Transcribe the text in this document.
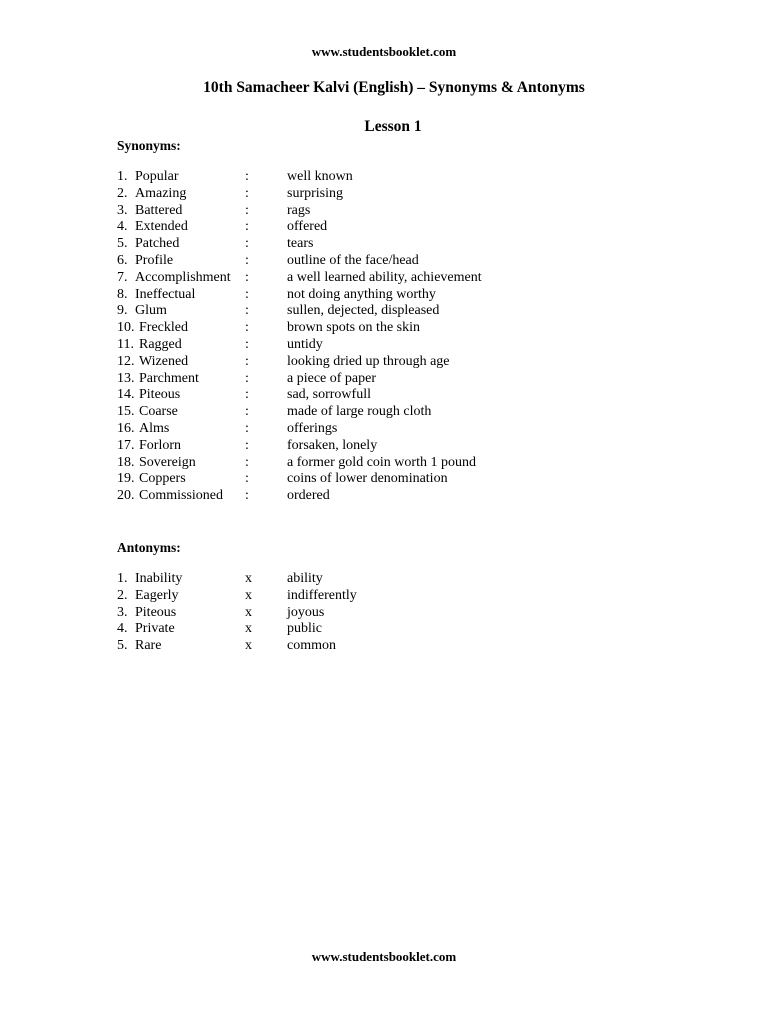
www.studentsbooklet.com
10th Samacheer Kalvi (English) – Synonyms & Antonyms
Lesson 1
Synonyms:
1. Popular	:	well known
2. Amazing	:	surprising
3. Battered	:	rags
4. Extended	:	offered
5. Patched	:	tears
6. Profile	:	outline of the face/head
7. Accomplishment :	a well learned ability, achievement
8. Ineffectual	:	not doing anything worthy
9. Glum	:	sullen, dejected, displeased
10. Freckled	:	brown spots on the skin
11. Ragged	:	untidy
12. Wizened	:	looking dried up through age
13. Parchment	:	a piece of paper
14. Piteous	:	sad, sorrowfull
15. Coarse	:	made of large rough cloth
16. Alms	:	offerings
17. Forlorn	:	forsaken, lonely
18. Sovereign	:	a former gold coin worth 1 pound
19. Coppers	:	coins of lower denomination
20. Commissioned :	ordered
Antonyms:
1. Inability	x	ability
2. Eagerly	x	indifferently
3. Piteous	x	joyous
4. Private	x	public
5. Rare	x	common
www.studentsbooklet.com
